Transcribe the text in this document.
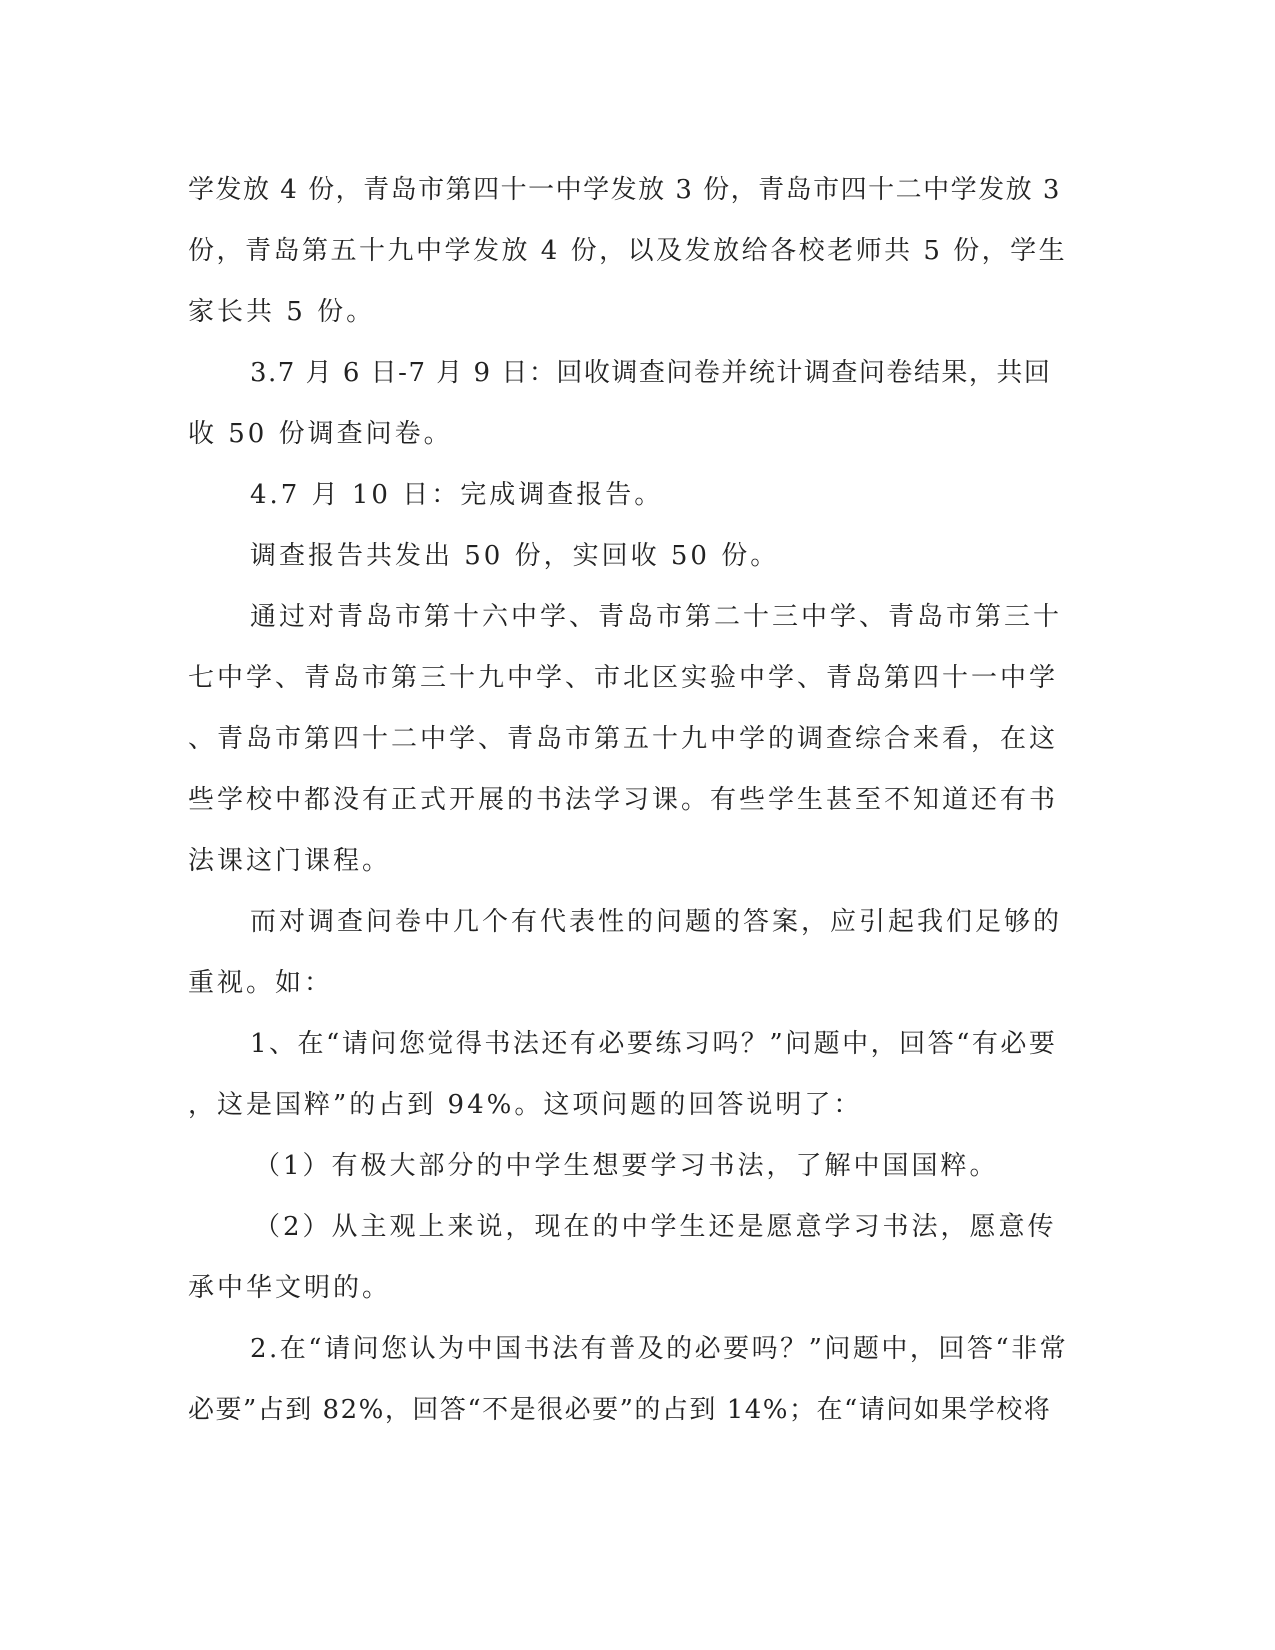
学发放 4 份，青岛市第四十一中学发放 3 份，青岛市四十二中学发放 3
份，青岛第五十九中学发放 4 份，以及发放给各校老师共 5 份，学生
家长共 5 份。
3.7 月 6 日-7 月 9 日：回收调查问卷并统计调查问卷结果，共回
收 50 份调查问卷。
4.7 月 10 日：完成调查报告。
调查报告共发出 50 份，实回收 50 份。
通过对青岛市第十六中学、青岛市第二十三中学、青岛市第三十
七中学、青岛市第三十九中学、市北区实验中学、青岛第四十一中学
、青岛市第四十二中学、青岛市第五十九中学的调查综合来看，在这
些学校中都没有正式开展的书法学习课。有些学生甚至不知道还有书
法课这门课程。
而对调查问卷中几个有代表性的问题的答案，应引起我们足够的
重视。如：
1、在“请问您觉得书法还有必要练习吗？”问题中，回答“有必要
，这是国粹”的占到 94%。这项问题的回答说明了：
（1）有极大部分的中学生想要学习书法，了解中国国粹。
（2）从主观上来说，现在的中学生还是愿意学习书法，愿意传
承中华文明的。
2.在“请问您认为中国书法有普及的必要吗？”问题中，回答“非常
必要”占到 82%，回答“不是很必要”的占到 14%；在“请问如果学校将
